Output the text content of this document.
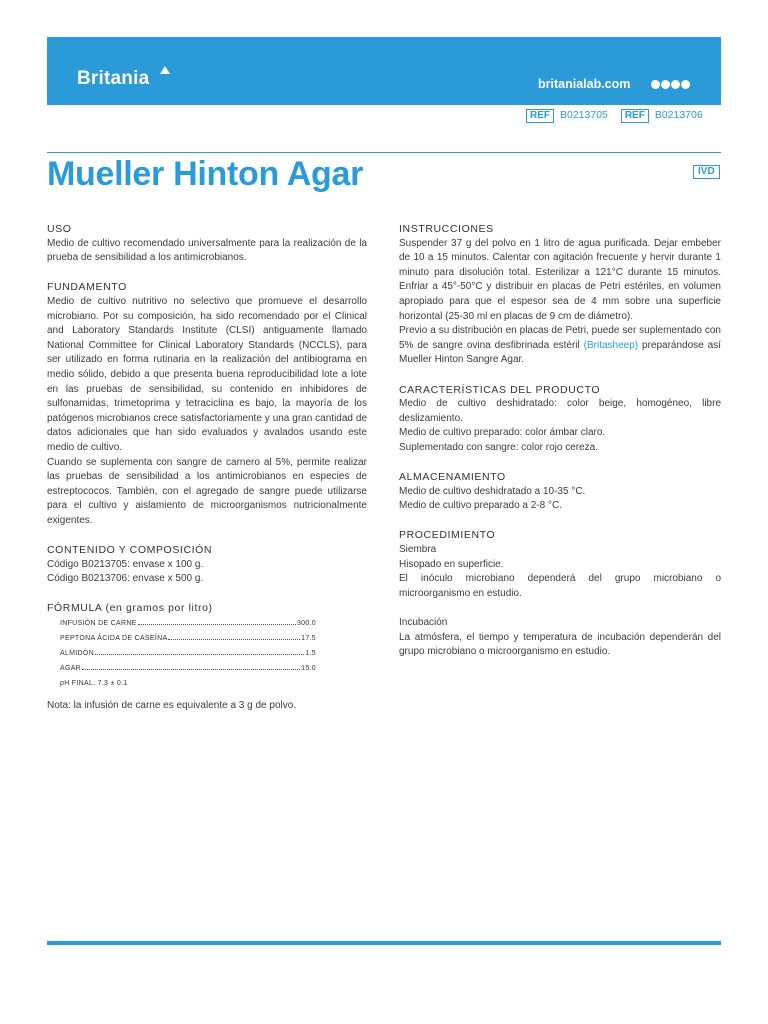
Britania	britanialab.com
REF B0213705 REF B0213706
Mueller Hinton Agar	IVD
USO

Medio de cultivo recomendado universalmente para la realización de la prueba de sensibilidad a los antimicrobianos.

FUNDAMENTO

Medio de cultivo nutritivo no selectivo que promueve el desarrollo microbiano. Por su composición, ha sido recomendado por el Clinical and Laboratory Standards Institute (CLSI) antiguamente llamado National Committee for Clinical Laboratory Standards (NCCLS), para ser utilizado en forma rutinaria en la realización del antibiograma en medio sólido, debido a que presenta buena reproducibilidad lote a lote en las pruebas de sensibilidad, su contenido en inhibidores de sulfonamidas, trimetoprima y tetraciclina es bajo, la mayoría de los patógenos microbianos crece satisfactoriamente y una gran cantidad de datos adicionales que han sido evaluados y avalados usando este medio de cultivo.

Cuando se suplementa con sangre de carnero al 5%, permite realizar las pruebas de sensibilidad a los antimicrobianos en especies de estreptococos. También, con el agregado de sangre puede utilizarse para el cultivo y aislamiento de microorganismos nutricionalmente exigentes.

CONTENIDO Y COMPOSICIÓN

Código B0213705: envase x 100 g.

Código B0213706: envase x 500 g.

FÓRMULA (en gramos por litro)
INFUSIÓN DE CARNE	300.0
PEPTONA ÁCIDA DE CASEÍNA	17.5
ALMIDÓN	1.5
AGAR	15.0
pH FINAL: 7.3 ± 0.1

Nota: la infusión de carne es equivalente a 3 g de polvo.

INSTRUCCIONES

Suspender 37 g del polvo en 1 litro de agua purificada. Dejar embeber de 10 a 15 minutos. Calentar con agitación frecuente y hervir durante 1 minuto para disolución total. Esterilizar a 121°C durante 15 minutos. Enfriar a 45°-50°C y distribuir en placas de Petri estériles, en volumen apropiado para que el espesor sea de 4 mm sobre una superficie horizontal (25-30 ml en placas de 9 cm de diámetro).

Previo a su distribución en placas de Petri, puede ser suplementado con 5% de sangre ovina desfibrinada estéril (Britasheep) preparándose así Mueller Hinton Sangre Agar.

CARACTERÍSTICAS DEL PRODUCTO

Medio de cultivo deshidratado: color beige, homogéneo, libre deslizamiento.

Medio de cultivo preparado: color ámbar claro.

Suplementado con sangre: color rojo cereza.

ALMACENAMIENTO

Medio de cultivo deshidratado a 10-35 °C.

Medio de cultivo preparado a 2-8 °C.

PROCEDIMIENTO

Siembra

Hisopado en superficie.

El inóculo microbiano dependerá del grupo microbiano o microorganismo en estudio.

Incubación

La atmósfera, el tiempo y temperatura de incubación dependerán del grupo microbiano o microorganismo en estudio.
